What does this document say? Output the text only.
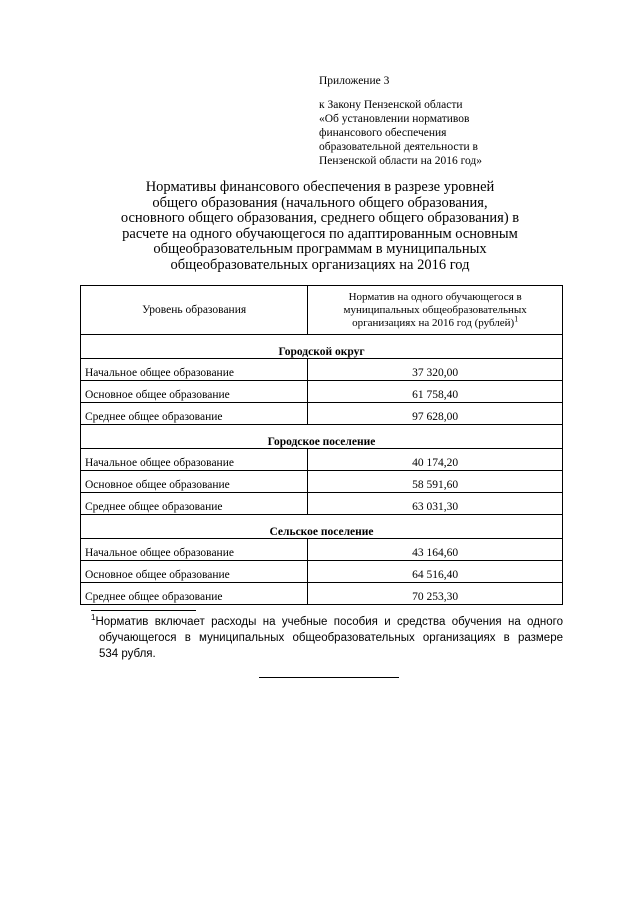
Приложение 3
к Закону Пензенской области
«Об установлении нормативов
финансового обеспечения
образовательной деятельности в
Пензенской области на 2016 год»
Нормативы финансового обеспечения в разрезе уровней
общего образования (начального общего образования,
основного общего образования, среднего общего образования) в
расчете на одного обучающегося по адаптированным основным
общеобразовательным программам в муниципальных
общеобразовательных организациях на 2016 год
Уровень образования	Норматив на одного обучающегося в
муниципальных общеобразовательных
организациях на 2016 год (рублей)$^1$

Городской округ	
Начальное общее образование	37 320,00
Основное общее образование	61 758,40
Среднее общее образование	97 628,00
Городское поселение	
Начальное общее образование	40 174,20
Основное общее образование	58 591,60
Среднее общее образование	63 031,30
Сельское поселение	
Начальное общее образование	43 164,60
Основное общее образование	64 516,40
Среднее общее образование	70 253,30
$^1$Норматив включает расходы на учебные пособия и средства обучения на одного
обучающегося в муниципальных общеобразовательных организациях в размере
534 рубля.
